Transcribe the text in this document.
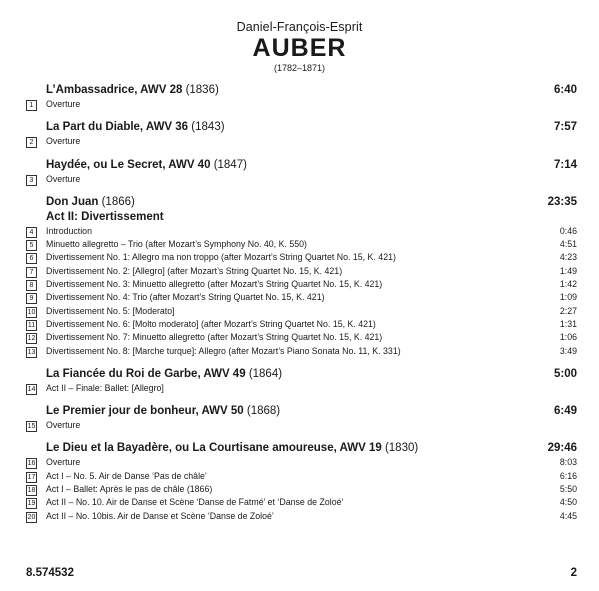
Daniel-François-Esprit
AUBER
(1782–1871)
L’Ambassadrice, AWV 28 (1836)	6:40
1	Overture
La Part du Diable, AWV 36 (1843)	7:57
2	Overture
Haydée, ou Le Secret, AWV 40 (1847)	7:14
3	Overture
Don Juan (1866)	23:35
Act II: Divertissement
4	Introduction	0:46
5	Minuetto allegretto – Trio (after Mozart’s Symphony No. 40, K. 550)	4:51
6	Divertissement No. 1: Allegro ma non troppo (after Mozart’s String Quartet No. 15, K. 421)	4:23
7	Divertissement No. 2: [Allegro] (after Mozart’s String Quartet No. 15, K. 421)	1:49
8	Divertissement No. 3: Minuetto allegretto (after Mozart’s String Quartet No. 15, K. 421)	1:42
9	Divertissement No. 4: Trio (after Mozart’s String Quartet No. 15, K. 421)	1:09
10 Divertissement No. 5: [Moderato]	2:27
11 Divertissement No. 6: [Molto moderato] (after Mozart’s String Quartet No. 15, K. 421)	1:31
12 Divertissement No. 7: Minuetto allegretto (after Mozart’s String Quartet No. 15, K. 421)	1:06
13 Divertissement No. 8: [Marche turque]: Allegro (after Mozart’s Piano Sonata No. 11, K. 331)	3:49
La Fiancée du Roi de Garbe, AWV 49 (1864)	5:00
14 Act II – Finale: Ballet: [Allegro]
Le Premier jour de bonheur, AWV 50 (1868)	6:49
15 Overture
Le Dieu et la Bayadère, ou La Courtisane amoureuse, AWV 19 (1830)	29:46
16 Overture	8:03
17 Act I – No. 5. Air de Danse ‘Pas de châle’	6:16
18 Act I – Ballet: Après le pas de châle (1866)	5:50
19 Act II – No. 10. Air de Danse et Scène ‘Danse de Fatmé’ et ‘Danse de Zoloé’	4:50
20 Act II – No. 10bis. Air de Danse et Scène ‘Danse de Zoloé’	4:45
8.574532	2
